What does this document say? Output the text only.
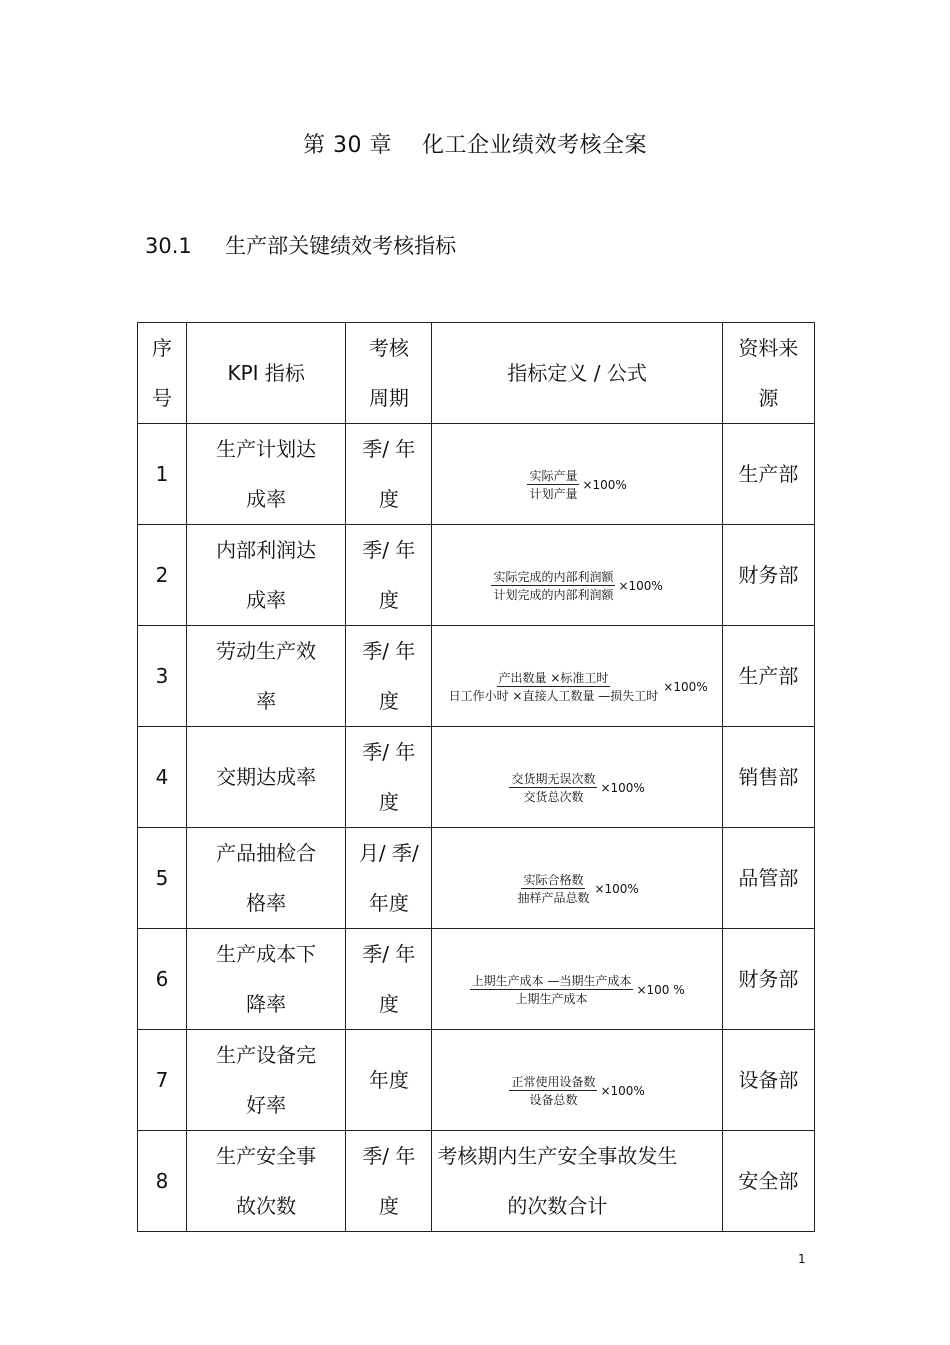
第 30 章    化工企业绩效考核全案
30.1     生产部关键绩效考核指标
序号	KPI 指标	考核周期	指标定义 / 公式	资料来源
1	生产计划达成率	季/ 年度	$\frac{\text{实际产量}}{\text{计划产量}} \times 100\%$	生产部
2	内部利润达成率	季/ 年度	$\frac{\text{实际完成的内部利润额}}{\text{计划完成的内部利润额}} \times 100\%$	财务部
3	劳动生产效率	季/ 年度	$\frac{\text{产出数量 ×标准工时}}{\text{日工作小时 ×直接人工数量 —损失工时}} \times 100\%$	生产部
4	交期达成率	季/ 年度	$\frac{\text{交货期无误次数}}{\text{交货总次数}} \times 100\%$	销售部
5	产品抽检合格率	月/ 季/ 年度	$\frac{\text{实际合格数}}{\text{抽样产品总数}} \times 100\%$	品管部
6	生产成本下降率	季/ 年度	$\frac{\text{上期生产成本 —当期生产成本}}{\text{上期生产成本}} \times 100$ %	财务部
7	生产设备完好率	年度	$\frac{\text{正常使用设备数}}{\text{设备总数}} \times 100\%$	设备部
8	生产安全事故次数	季/ 年度	考核期内生产安全事故发生的次数合计	安全部
1
